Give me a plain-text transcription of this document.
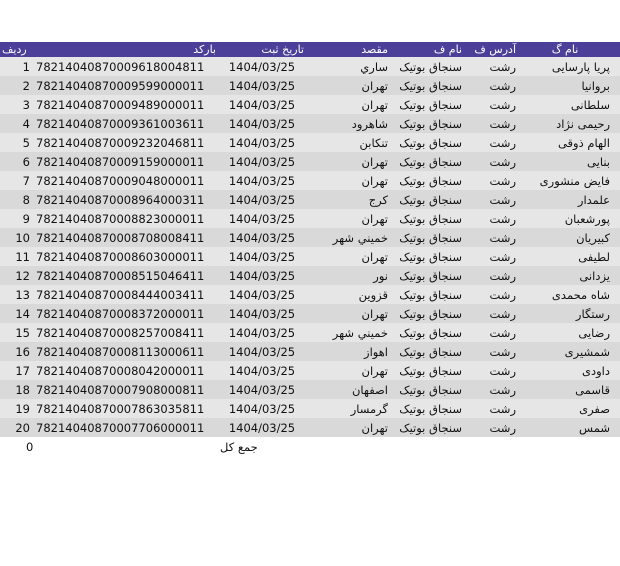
ردیف	بارکد	تاریخ ثبت	مقصد	نام ف	آدرس ف	نام گ
1	78214040870009618004811	1404/03/25	ساري	سنجاق بوتیک	رشت	پریا پارسایی
2	78214040870009599000011	1404/03/25	تهران	سنجاق بوتیک	رشت	بروانیا
3	78214040870009489000011	1404/03/25	تهران	سنجاق بوتیک	رشت	سلطانی
4	78214040870009361003611	1404/03/25	شاهرود	سنجاق بوتیک	رشت	رحیمی نژاد
5	78214040870009232046811	1404/03/25	تنكابن	سنجاق بوتیک	رشت	الهام ذوقی
6	78214040870009159000011	1404/03/25	تهران	سنجاق بوتیک	رشت	بنایی
7	78214040870009048000011	1404/03/25	تهران	سنجاق بوتیک	رشت	فایض منشوری
8	78214040870008964000311	1404/03/25	کرج	سنجاق بوتیک	رشت	علمدار
9	78214040870008823000011	1404/03/25	تهران	سنجاق بوتیک	رشت	پورشعبان
10	78214040870008708008411	1404/03/25	خميني شهر	سنجاق بوتیک	رشت	کبیریان
11	78214040870008603000011	1404/03/25	تهران	سنجاق بوتیک	رشت	لطیفی
12	78214040870008515046411	1404/03/25	نور	سنجاق بوتیک	رشت	یزدانی
13	78214040870008444003411	1404/03/25	قزوين	سنجاق بوتیک	رشت	شاه محمدی
14	78214040870008372000011	1404/03/25	تهران	سنجاق بوتیک	رشت	رستگار
15	78214040870008257008411	1404/03/25	خميني شهر	سنجاق بوتیک	رشت	رضایی
16	78214040870008113000611	1404/03/25	اهواز	سنجاق بوتیک	رشت	شمشیری
17	78214040870008042000011	1404/03/25	تهران	سنجاق بوتیک	رشت	داودی
18	78214040870007908000811	1404/03/25	اصفهان	سنجاق بوتیک	رشت	قاسمی
19	78214040870007863035811	1404/03/25	گرمسار	سنجاق بوتیک	رشت	صفری
20	78214040870007706000011	1404/03/25	تهران	سنجاق بوتیک	رشت	شمس
0		جمع کل				
